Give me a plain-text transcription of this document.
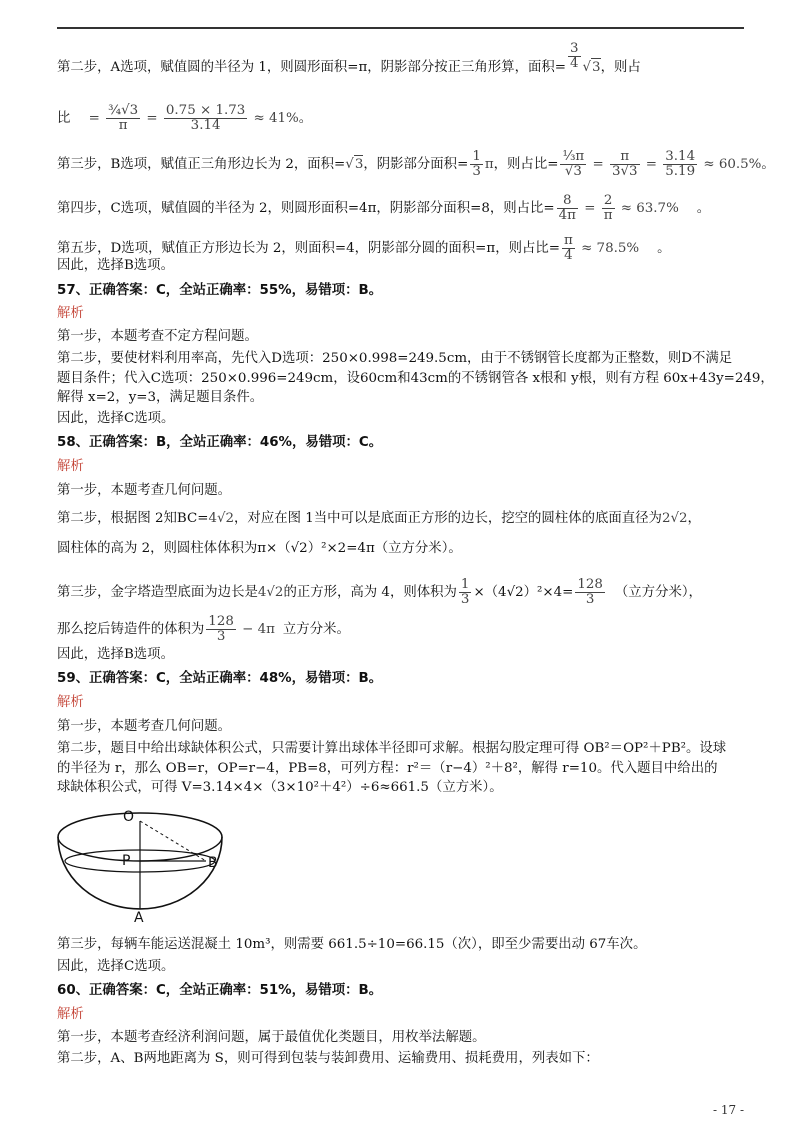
第二步，A选项，赋值圆的半径为 1，则圆形面积=π，阴影部分按正三角形算，面积= $\frac{3}{4} √3$，则占
比 = $\frac{\text{¾√3}}{\pi} = \frac{0.75 \times 1.73}{3.14} \approx 41\%$。
第三步，B选项，赋值正三角形边长为 2，面积=√3，阴影部分面积= $\frac{1}{3}$ π，则占比= $\frac{\text{⅓π}}{√3} = \frac{\pi}{3√3} = \frac{3.14}{5.19} \approx 60.5\%$。
第四步，C选项，赋值圆的半径为 2，则圆形面积=4π，阴影部分面积=8，则占比= $\frac{8}{4\pi} = \frac{2}{\pi} \approx 63.7\%$ 。
第五步，D选项，赋值正方形边长为 2，则面积=4，阴影部分圆的面积=π，则占比= $\frac{\pi}{4} \approx 78.5\%$ 。
因此，选择B选项。
57、正确答案：C，全站正确率：55%，易错项：B。
解析
第一步，本题考查不定方程问题。
第二步，要使材料利用率高，先代入D选项：250×0.998=249.5cm，由于不锈钢管长度都为正整数，则D不满足
题目条件；代入C选项：250×0.996=249cm，设60cm和43cm的不锈钢管各 x根和 y根，则有方程 60x+43y=249，
解得 x=2，y=3，满足题目条件。
因此，选择C选项。
58、正确答案：B，全站正确率：46%，易错项：C。
解析
第一步，本题考查几何问题。
第二步，根据图 2知BC=4√2，对应在图 1当中可以是底面正方形的边长，挖空的圆柱体的底面直径为2√2，
圆柱体的高为 2，则圆柱体体积为π×（√2）²×2=4π（立方分米）。
第三步，金字塔造型底面为边长是4√2的正方形，高为 4，则体积为 $\frac{1}{3} \times(4√2)^2\times 4= \frac{128}{3}$ （立方分米），
那么挖后铸造件的体积为 $\frac{128}{3} - 4\pi$ 立方分米。
因此，选择B选项。
59、正确答案：C，全站正确率：48%，易错项：B。
解析
第一步，本题考查几何问题。
第二步，题目中给出球缺体积公式，只需要计算出球体半径即可求解。根据勾股定理可得 OB²＝OP²＋PB²。设球
的半径为 r，那么 OB=r，OP=r−4，PB=8，可列方程：r²＝（r−4）²＋8²，解得 r=10。代入题目中给出的
球缺体积公式，可得 V=3.14×4×（3×10²＋4²）÷6≈661.5（立方米）。
O
P	B
A
第三步，每辆车能运送混凝土 10m³，则需要 661.5÷10=66.15（次），即至少需要出动 67车次。
因此，选择C选项。
60、正确答案：C，全站正确率：51%，易错项：B。
解析
第一步，本题考查经济利润问题，属于最值优化类题目，用枚举法解题。
第二步，A、B两地距离为 S，则可得到包装与装卸费用、运输费用、损耗费用，列表如下：
- 17 -
